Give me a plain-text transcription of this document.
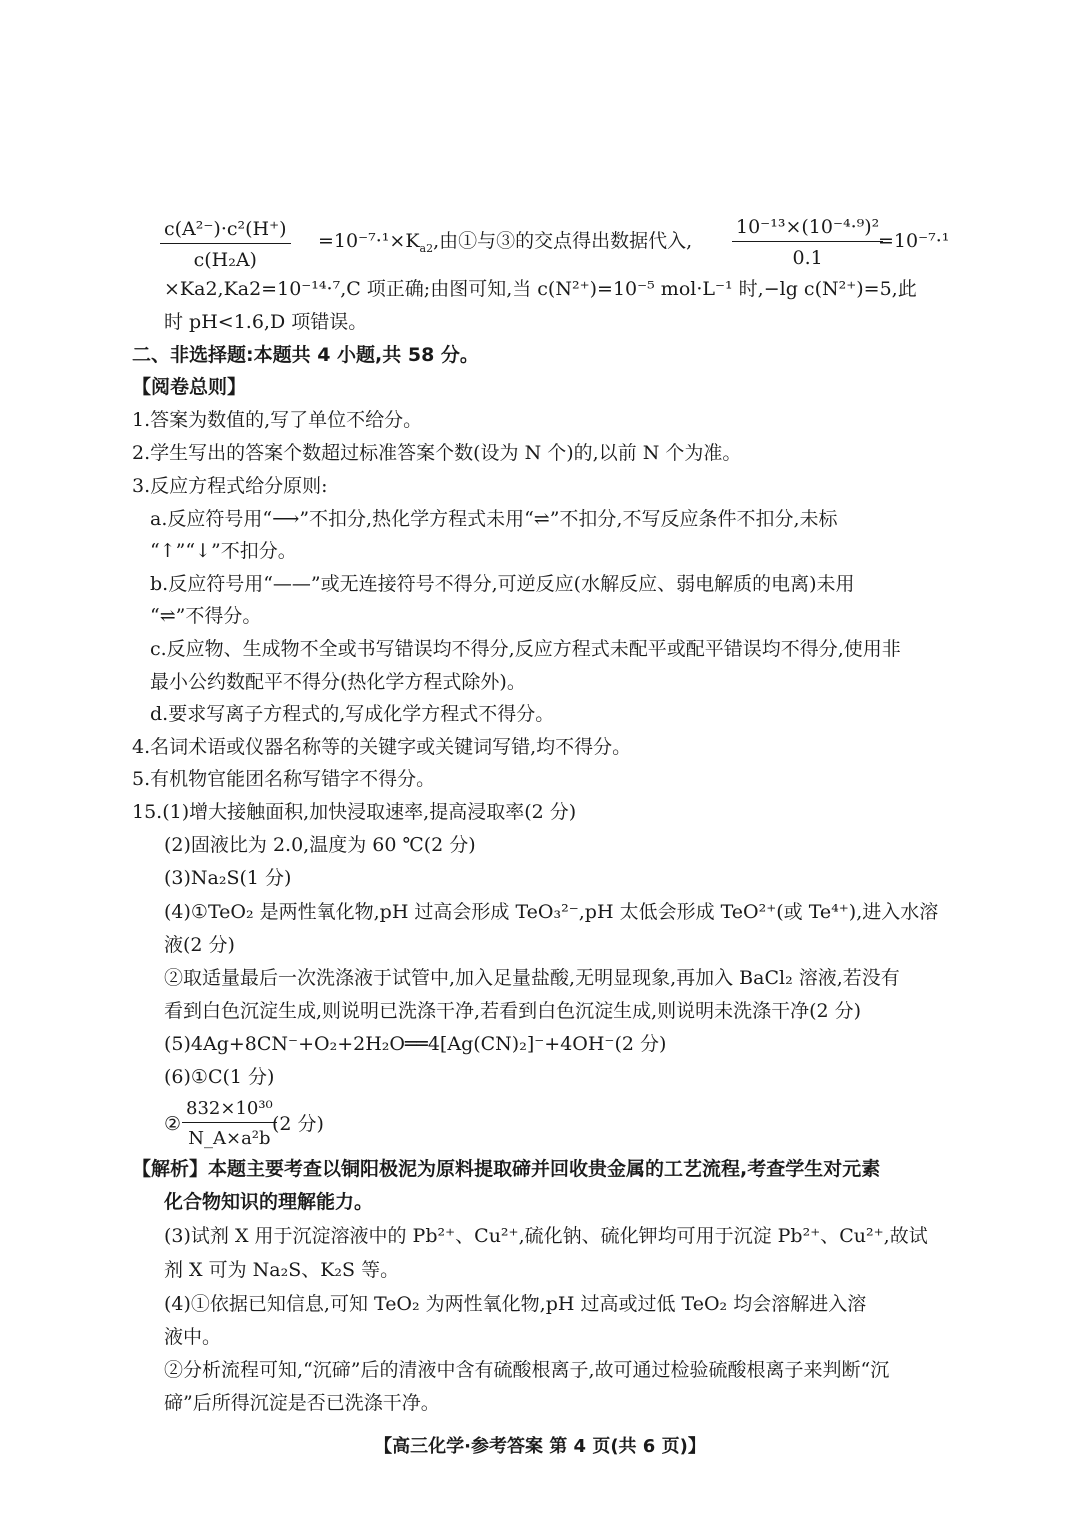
$\frac{\text{c(A²⁻)·c²(H⁺)}}{\text{c(H₂A)}} =10^{-7}\cdot^1\times K_{a2}$,由①与③的交点得出数据代入, $\frac{\text{10⁻¹³×(10⁻⁴·⁹)²}}{0.1}$
=10⁻⁷·¹
×Ka2,Ka2=10⁻¹⁴·⁷,C 项正确;由图可知,当 c(N²⁺)=10⁻⁵ mol·L⁻¹ 时,−lg c(N²⁺)=5,此
时 pH<1.6,D 项错误。
二、非选择题:本题共 4 小题,共 58 分。
【阅卷总则】
1.答案为数值的,写了单位不给分。
2.学生写出的答案个数超过标准答案个数(设为 N 个)的,以前 N 个为准。
3.反应方程式给分原则:
a.反应符号用“⟶”不扣分,热化学方程式未用“⇌”不扣分,不写反应条件不扣分,未标
“↑”“↓”不扣分。
b.反应符号用“——”或无连接符号不得分,可逆反应(水解反应、弱电解质的电离)未用
“⇌”不得分。
c.反应物、生成物不全或书写错误均不得分,反应方程式未配平或配平错误均不得分,使用非
最小公约数配平不得分(热化学方程式除外)。
d.要求写离子方程式的,写成化学方程式不得分。
4.名词术语或仪器名称等的关键字或关键词写错,均不得分。
5.有机物官能团名称写错字不得分。
15.(1)增大接触面积,加快浸取速率,提高浸取率(2 分)
(2)固液比为 2.0,温度为 60 ℃(2 分)
(3)Na₂S(1 分)
(4)①TeO₂ 是两性氧化物,pH 过高会形成 TeO₃²⁻,pH 太低会形成 TeO²⁺(或 Te⁴⁺),进入水溶
液(2 分)
②取适量最后一次洗涤液于试管中,加入足量盐酸,无明显现象,再加入 BaCl₂ 溶液,若没有
看到白色沉淀生成,则说明已洗涤干净,若看到白色沉淀生成,则说明未洗涤干净(2 分)
(5)4Ag+8CN⁻+O₂+2H₂O══4[Ag(CN)₂]⁻+4OH⁻(2 分)
(6)①C(1 分)
② $\frac{\text{832×10³⁰}}{\text{N\_A×a²b}}$
(2 分)
【解析】本题主要考查以铜阳极泥为原料提取碲并回收贵金属的工艺流程,考查学生对元素
化合物知识的理解能力。
(3)试剂 X 用于沉淀溶液中的 Pb²⁺、Cu²⁺,硫化钠、硫化钾均可用于沉淀 Pb²⁺、Cu²⁺,故试
剂 X 可为 Na₂S、K₂S 等。
(4)①依据已知信息,可知 TeO₂ 为两性氧化物,pH 过高或过低 TeO₂ 均会溶解进入溶
液中。
②分析流程可知,“沉碲”后的清液中含有硫酸根离子,故可通过检验硫酸根离子来判断“沉
碲”后所得沉淀是否已洗涤干净。
【高三化学·参考答案 第 4 页(共 6 页)】
